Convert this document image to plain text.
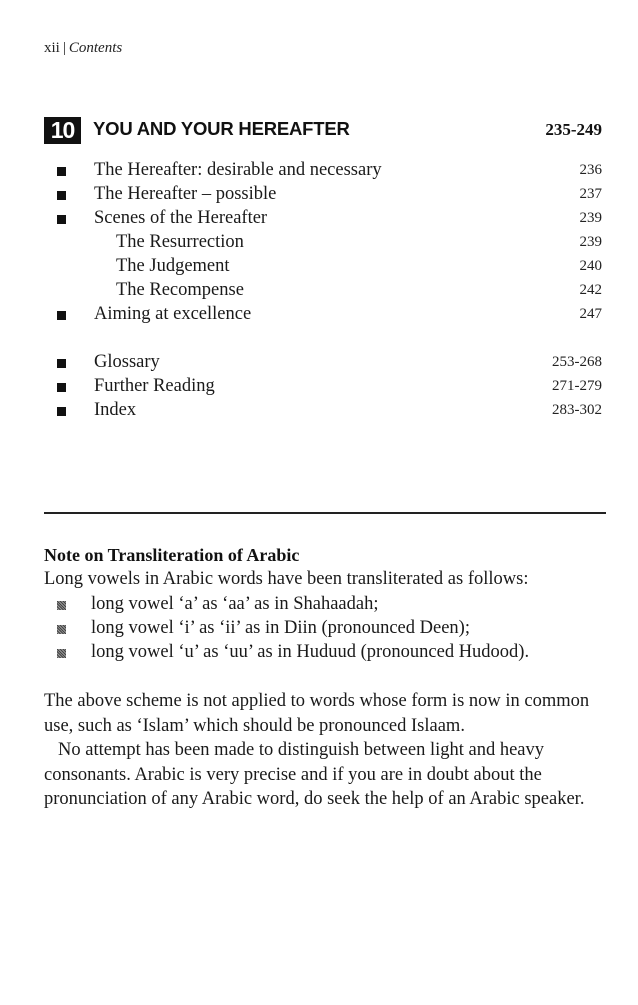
xii | Contents
10	YOU AND YOUR HEREAFTER	235-249
The Hereafter: desirable and necessary	236
The Hereafter – possible	237
Scenes of the Hereafter	239
The Resurrection	239
The Judgement	240
The Recompense	242
Aiming at excellence	247
Glossary	253-268
Further Reading	271-279
Index	283-302
Note on Transliteration of Arabic
Long vowels in Arabic words have been transliterated as follows:
long vowel ‘a’ as ‘aa’ as in Shahaadah;
long vowel ‘i’ as ‘ii’ as in Diin (pronounced Deen);
long vowel ‘u’ as ‘uu’ as in Huduud (pronounced Hudood).
The above scheme is not applied to words whose form is now in common use, such as ‘Islam’ which should be pronounced Islaam.
No attempt has been made to distinguish between light and heavy consonants. Arabic is very precise and if you are in doubt about the pronunciation of any Arabic word, do seek the help of an Arabic speaker.
